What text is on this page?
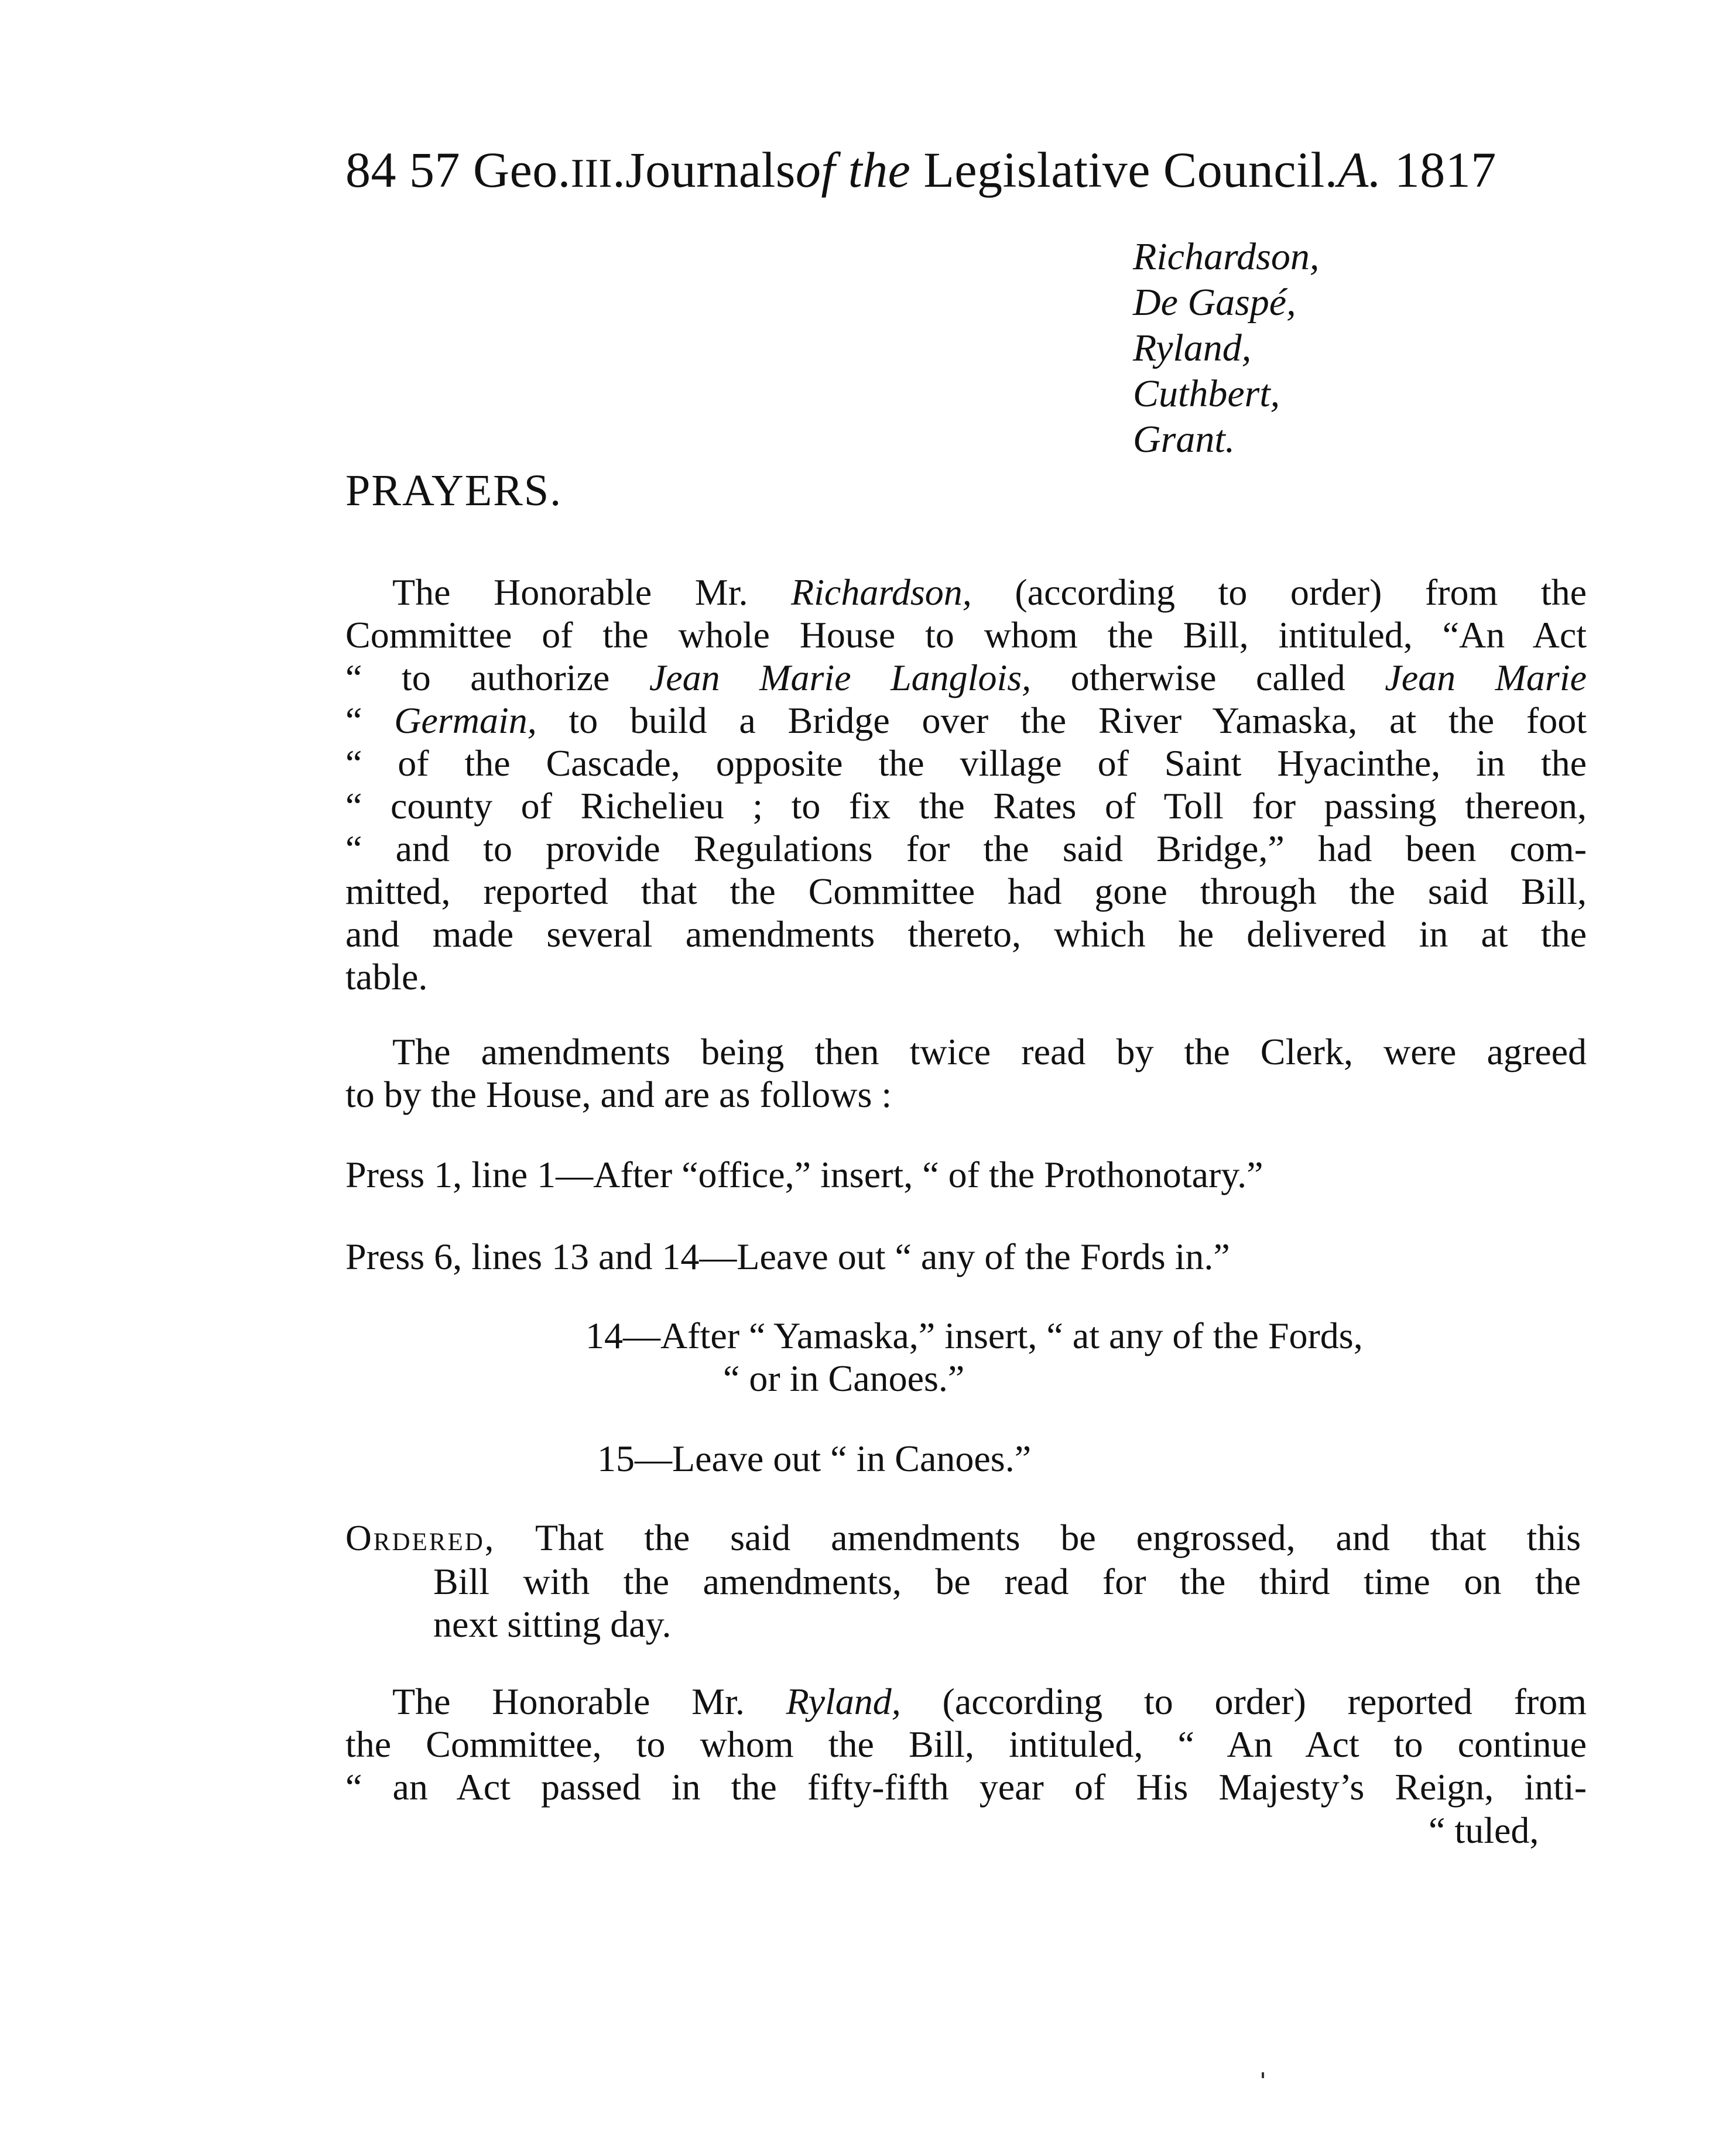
84 57 Geo.III.Journalsof the Legislative Council.A. 1817
Richardson,
De Gaspé,
Ryland,
Cuthbert,
Grant.
PRAYERS.
The Honorable Mr. Richardson, (according to order) from the
Committee of the whole House to whom the Bill, intituled, “An Act
“ to authorize Jean Marie Langlois, otherwise called Jean Marie
“ Germain, to build a Bridge over the River Yamaska, at the foot
“ of the Cascade, opposite the village of Saint Hyacinthe, in the
“ county of Richelieu ; to fix the Rates of Toll for passing thereon,
“ and to provide Regulations for the said Bridge,” had been com-
mitted, reported that the Committee had gone through the said Bill,
and made several amendments thereto, which he delivered in at the
table.
The amendments being then twice read by the Clerk, were agreed
to by the House, and are as follows :
Press 1, line 1—After “office,” insert, “ of the Prothonotary.”
Press 6, lines 13 and 14—Leave out “ any of the Fords in.”
14—After “ Yamaska,” insert, “ at any of the Fords,
“ or in Canoes.”
15—Leave out “ in Canoes.”
Ordered, That the said amendments be engrossed, and that this
Bill with the amendments, be read for the third time on the
next sitting day.
The Honorable Mr. Ryland, (according to order) reported from
the Committee, to whom the Bill, intituled, “ An Act to continue
“ an Act passed in the fifty-fifth year of His Majesty’s Reign, inti-
“ tuled,
